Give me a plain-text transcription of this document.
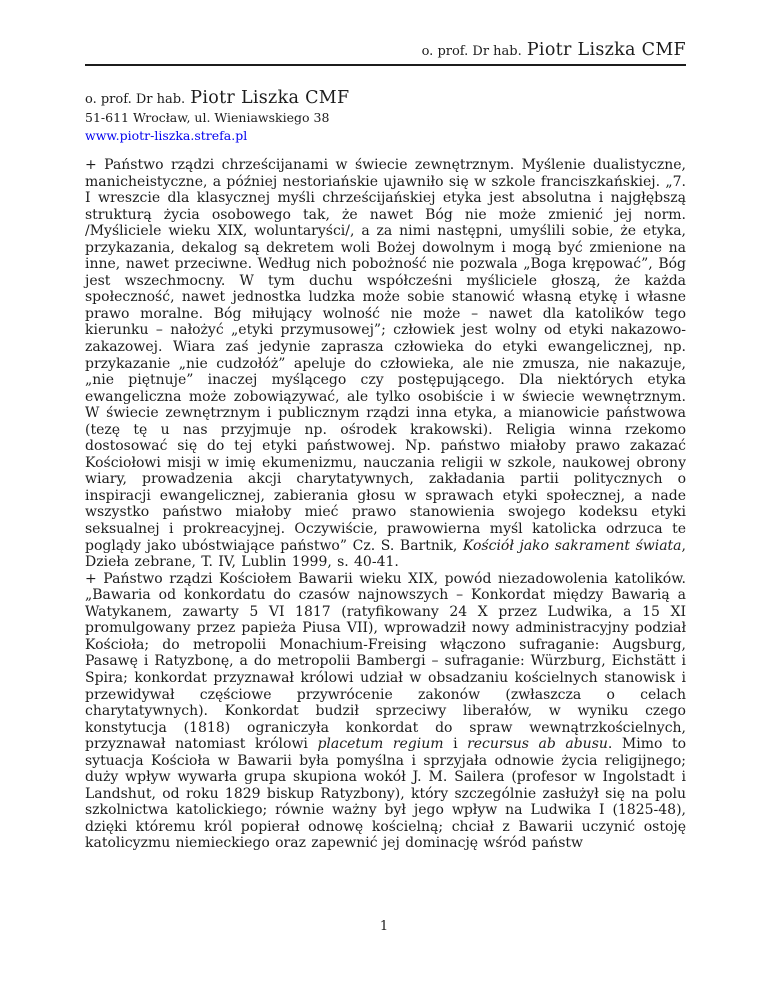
o. prof. Dr hab. Piotr Liszka CMF
o. prof. Dr hab. Piotr Liszka CMF
51-611 Wrocław, ul. Wieniawskiego 38
www.piotr-liszka.strefa.pl

+ Państwo rządzi chrześcijanami w świecie zewnętrznym. Myślenie dualistyczne, manicheistyczne, a później nestoriańskie ujawniło się w szkole franciszkańskiej. „7. I wreszcie dla klasycznej myśli chrześcijańskiej etyka jest absolutna i najgłębszą strukturą życia osobowego tak, że nawet Bóg nie może zmienić jej norm. /Myśliciele wieku XIX, woluntaryści/, a za nimi następni, umyślili sobie, że etyka, przykazania, dekalog są dekretem woli Bożej dowolnym i mogą być zmienione na inne, nawet przeciwne. Według nich pobożność nie pozwala „Boga krępować”, Bóg jest wszechmocny. W tym duchu współcześni myśliciele głoszą, że każda społeczność, nawet jednostka ludzka może sobie stanowić własną etykę i własne prawo moralne. Bóg miłujący wolność nie może – nawet dla katolików tego kierunku – nałożyć „etyki przymusowej”; człowiek jest wolny od etyki nakazowo-zakazowej. Wiara zaś jedynie zaprasza człowieka do etyki ewangelicznej, np. przykazanie „nie cudzołóż” apeluje do człowieka, ale nie zmusza, nie nakazuje, „nie piętnuje” inaczej myślącego czy postępującego. Dla niektórych etyka ewangeliczna może zobowiązywać, ale tylko osobiście i w świecie wewnętrznym. W świecie zewnętrznym i publicznym rządzi inna etyka, a mianowicie państwowa (tezę tę u nas przyjmuje np. ośrodek krakowski). Religia winna rzekomo dostosować się do tej etyki państwowej. Np. państwo miałoby prawo zakazać Kościołowi misji w imię ekumenizmu, nauczania religii w szkole, naukowej obrony wiary, prowadzenia akcji charytatywnych, zakładania partii politycznych o inspiracji ewangelicznej, zabierania głosu w sprawach etyki społecznej, a nade wszystko państwo miałoby mieć prawo stanowienia swojego kodeksu etyki seksualnej i prokreacyjnej. Oczywiście, prawowierna myśl katolicka odrzuca te poglądy jako ubóstwiające państwo” Cz. S. Bartnik, Kościół jako sakrament świata, Dzieła zebrane, T. IV, Lublin 1999, s. 40-41.

+ Państwo rządzi Kościołem Bawarii wieku XIX, powód niezadowolenia katolików. „Bawaria od konkordatu do czasów najnowszych – Konkordat między Bawarią a Watykanem, zawarty 5 VI 1817 (ratyfikowany 24 X przez Ludwika, a 15 XI promulgowany przez papieża Piusa VII), wprowadził nowy administracyjny podział Kościoła; do metropolii Monachium-Freising włączono sufraganie: Augsburg, Pasawę i Ratyzbonę, a do metropolii Bambergi – sufraganie: Würzburg, Eichstätt i Spira; konkordat przyznawał królowi udział w obsadzaniu kościelnych stanowisk i przewidywał częściowe przywrócenie zakonów (zwłaszcza o celach charytatywnych). Konkordat budził sprzeciwy liberałów, w wyniku czego konstytucja (1818) ograniczyła konkordat do spraw wewnątrzkościelnych, przyznawał natomiast królowi placetum regium i recursus ab abusu. Mimo to sytuacja Kościoła w Bawarii była pomyślna i sprzyjała odnowie życia religijnego; duży wpływ wywarła grupa skupiona wokół J. M. Sailera (profesor w Ingolstadt i Landshut, od roku 1829 biskup Ratyzbony), który szczególnie zasłużył się na polu szkolnictwa katolickiego; równie ważny był jego wpływ na Ludwika I (1825-48), dzięki któremu król popierał odnowę kościelną; chciał z Bawarii uczynić ostoję katolicyzmu niemieckiego oraz zapewnić jej dominację wśród państw

1
